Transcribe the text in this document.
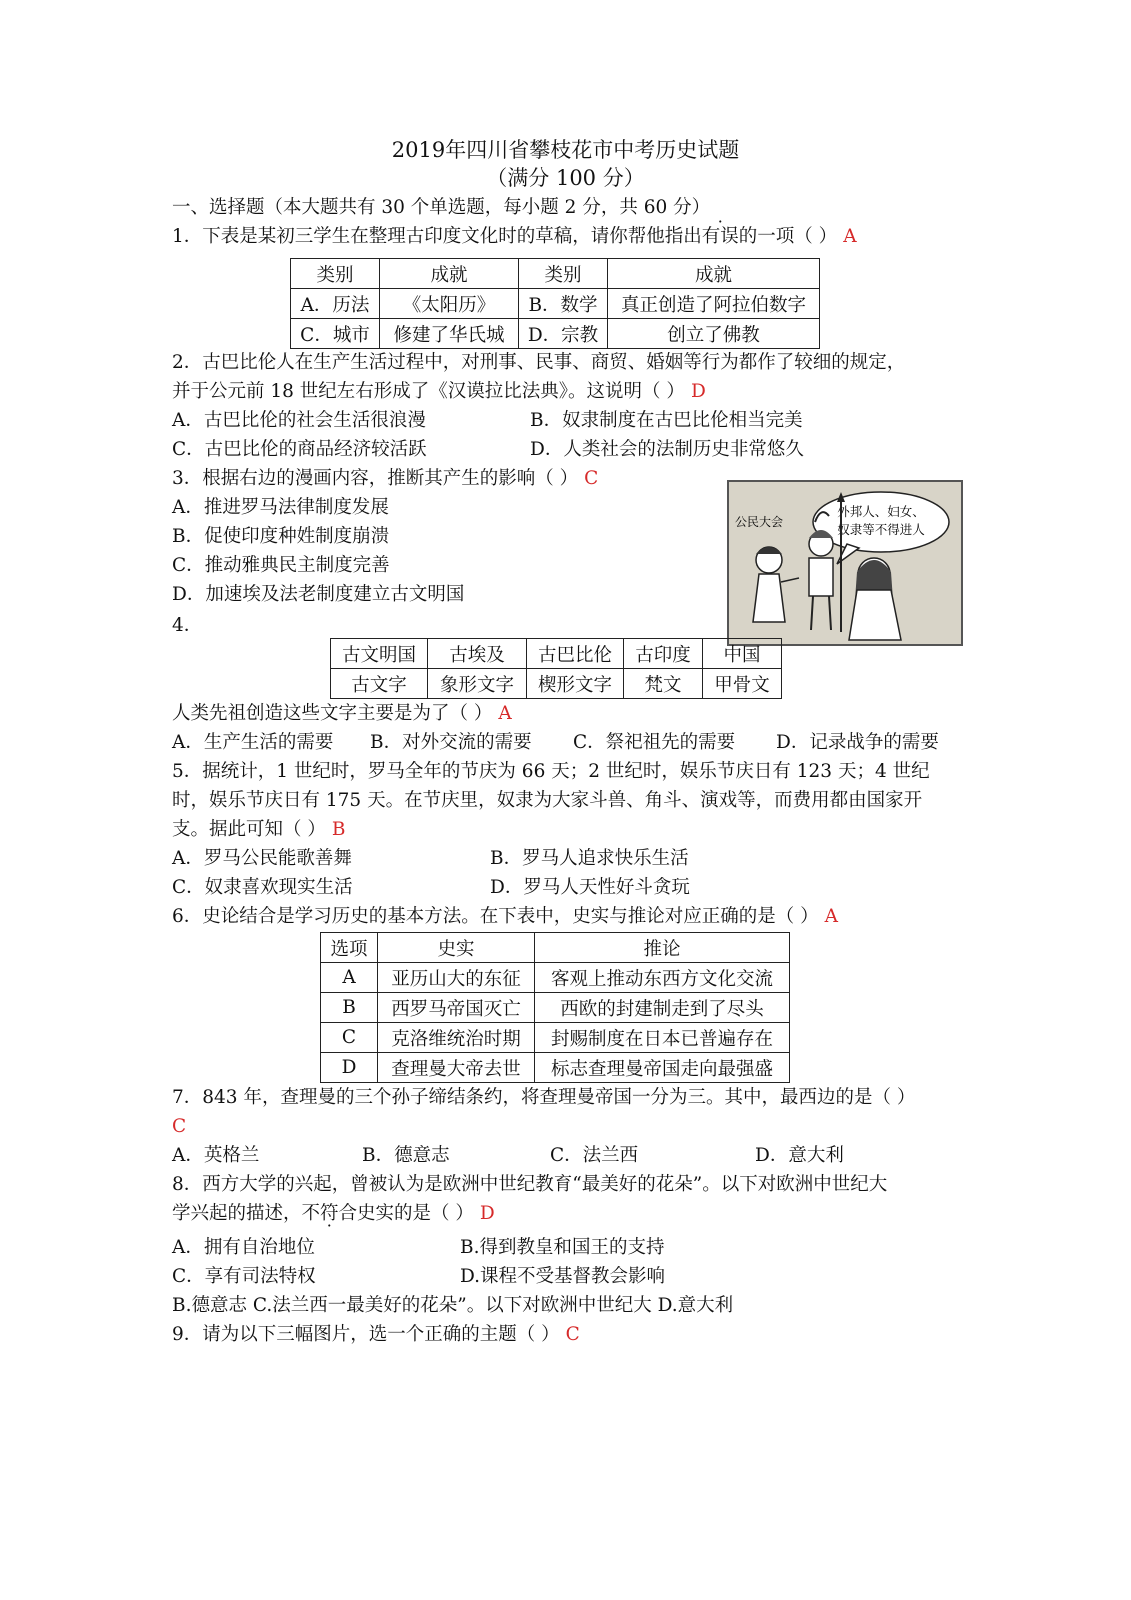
2019年四川省攀枝花市中考历史试题
（满分 100 分）
一、选择题（本大题共有 30 个单选题，每小题 2 分，共 60 分）
1．下表是某初三学生在整理古印度文化时的草稿，请你帮他指出有误的一项（ ） A
类别	成就	类别	成就
A．历法	《太阳历》	B．数学	真正创造了阿拉伯数字
C．城市	修建了华氏城	D．宗教	创立了佛教
2．古巴比伦人在生产生活过程中，对刑事、民事、商贸、婚姻等行为都作了较细的规定，
并于公元前 18 世纪左右形成了《汉谟拉比法典》。这说明（ ） D
A．古巴比伦的社会生活很浪漫	B．奴隶制度在古巴比伦相当完美
C．古巴比伦的商品经济较活跃	D．人类社会的法制历史非常悠久
3．根据右边的漫画内容，推断其产生的影响（ ） C
A．推进罗马法律制度发展
B．促使印度种姓制度崩溃
C．推动雅典民主制度完善
D．加速埃及法老制度建立古文明国
外邦人、妇女、
奴隶等不得进人
公民大会
4．
古文明国	古埃及	古巴比伦	古印度	中国
古文字	象形文字	楔形文字	梵文	甲骨文
人类先祖创造这些文字主要是为了（ ） A
A．生产生活的需要 B．对外交流的需要 C．祭祀祖先的需要 D．记录战争的需要
5．据统计，1 世纪时，罗马全年的节庆为 66 天；2 世纪时，娱乐节庆日有 123 天；4 世纪
时，娱乐节庆日有 175 天。在节庆里，奴隶为大家斗兽、角斗、演戏等，而费用都由国家开
支。据此可知（ ） B
A．罗马公民能歌善舞	B．罗马人追求快乐生活
C．奴隶喜欢现实生活	D．罗马人天性好斗贪玩
6．史论结合是学习历史的基本方法。在下表中，史实与推论对应正确的是（ ） A
选项	史实	推论
A	亚历山大的东征	客观上推动东西方文化交流
B	西罗马帝国灭亡	西欧的封建制走到了尽头
C	克洛维统治时期	封赐制度在日本已普遍存在
D	查理曼大帝去世	标志查理曼帝国走向最强盛
7．843 年，查理曼的三个孙子缔结条约，将查理曼帝国一分为三。其中，最西边的是（ ）
C
A．英格兰	B．德意志	C．法兰西	D．意大利
8．西方大学的兴起，曾被认为是欧洲中世纪教育“最美好的花朵”。以下对欧洲中世纪大
学兴起的描述，不符合史实的是（ ） D
A．拥有自治地位	B.得到教皇和国王的支持
C．享有司法特权	D.课程不受基督教会影响
B.德意志 C.法兰西一最美好的花朵”。以下对欧洲中世纪大 D.意大利
9．请为以下三幅图片，选一个正确的主题（ ） C
